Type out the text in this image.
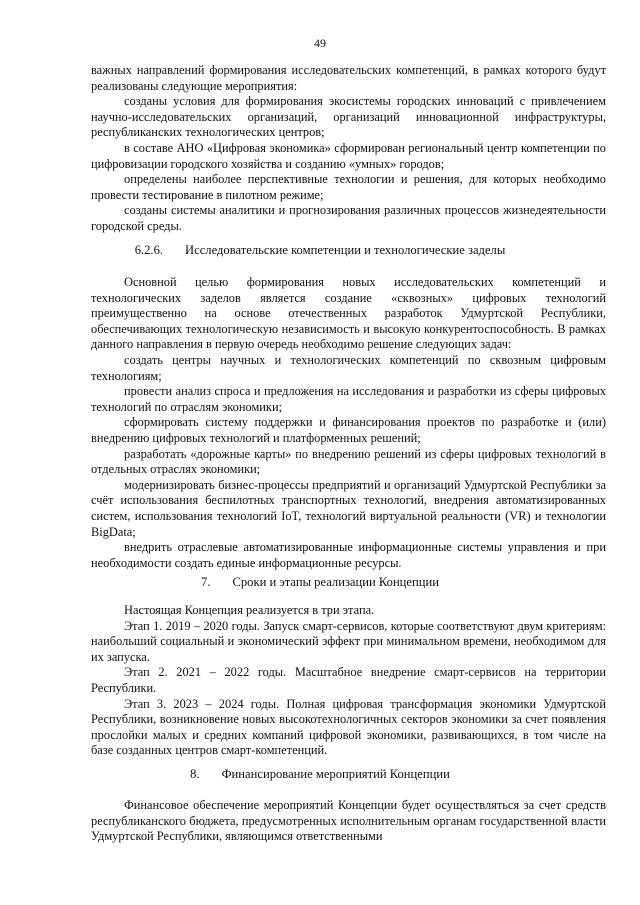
49

важных направлений формирования исследовательских компетенций, в рамках которого будут реализованы следующие мероприятия:

созданы условия для формирования экосистемы городских инноваций с привлечением научно-исследовательских организаций, организаций инновационной инфраструктуры, республиканских технологических центров;

в составе АНО «Цифровая экономика» сформирован региональный центр компетенции по цифровизации городского хозяйства и созданию «умных» городов;

определены наиболее перспективные технологии и решения, для которых необходимо провести тестирование в пилотном режиме;

созданы системы аналитики и прогнозирования различных процессов жизнедеятельности городской среды.

6.2.6. Исследовательские компетенции и технологические заделы

Основной целью формирования новых исследовательских компетенций и технологических заделов является создание «сквозных» цифровых технологий преимущественно на основе отечественных разработок Удмуртской Республики, обеспечивающих технологическую независимость и высокую конкурентоспособность. В рамках данного направления в первую очередь необходимо решение следующих задач:

создать центры научных и технологических компетенций по сквозным цифровым технологиям;

провести анализ спроса и предложения на исследования и разработки из сферы цифровых технологий по отраслям экономики;

сформировать систему поддержки и финансирования проектов по разработке и (или) внедрению цифровых технологий и платформенных решений;

разработать «дорожные карты» по внедрению решений из сферы цифровых технологий в отдельных отраслях экономики;

модернизировать бизнес-процессы предприятий и организаций Удмуртской Республики за счёт использования беспилотных транспортных технологий, внедрения автоматизированных систем, использования технологий IoT, технологий виртуальной реальности (VR) и технологии BigData;

внедрить отраслевые автоматизированные информационные системы управления и при необходимости создать единые информационные ресурсы.

7. Сроки и этапы реализации Концепции

Настоящая Концепция реализуется в три этапа.

Этап 1. 2019 – 2020 годы. Запуск смарт-сервисов, которые соответствуют двум критериям: наибольший социальный и экономический эффект при минимальном времени, необходимом для их запуска.

Этап 2. 2021 – 2022 годы. Масштабное внедрение смарт-сервисов на территории Республики.

Этап 3. 2023 – 2024 годы. Полная цифровая трансформация экономики Удмуртской Республики, возникновение новых высокотехнологичных секторов экономики за счет появления прослойки малых и средних компаний цифровой экономики, развивающихся, в том числе на базе созданных центров смарт-компетенций.

8. Финансирование мероприятий Концепции

Финансовое обеспечение мероприятий Концепции будет осуществляться за счет средств республиканского бюджета, предусмотренных исполнительным органам государственной власти Удмуртской Республики, являющимся ответственными
